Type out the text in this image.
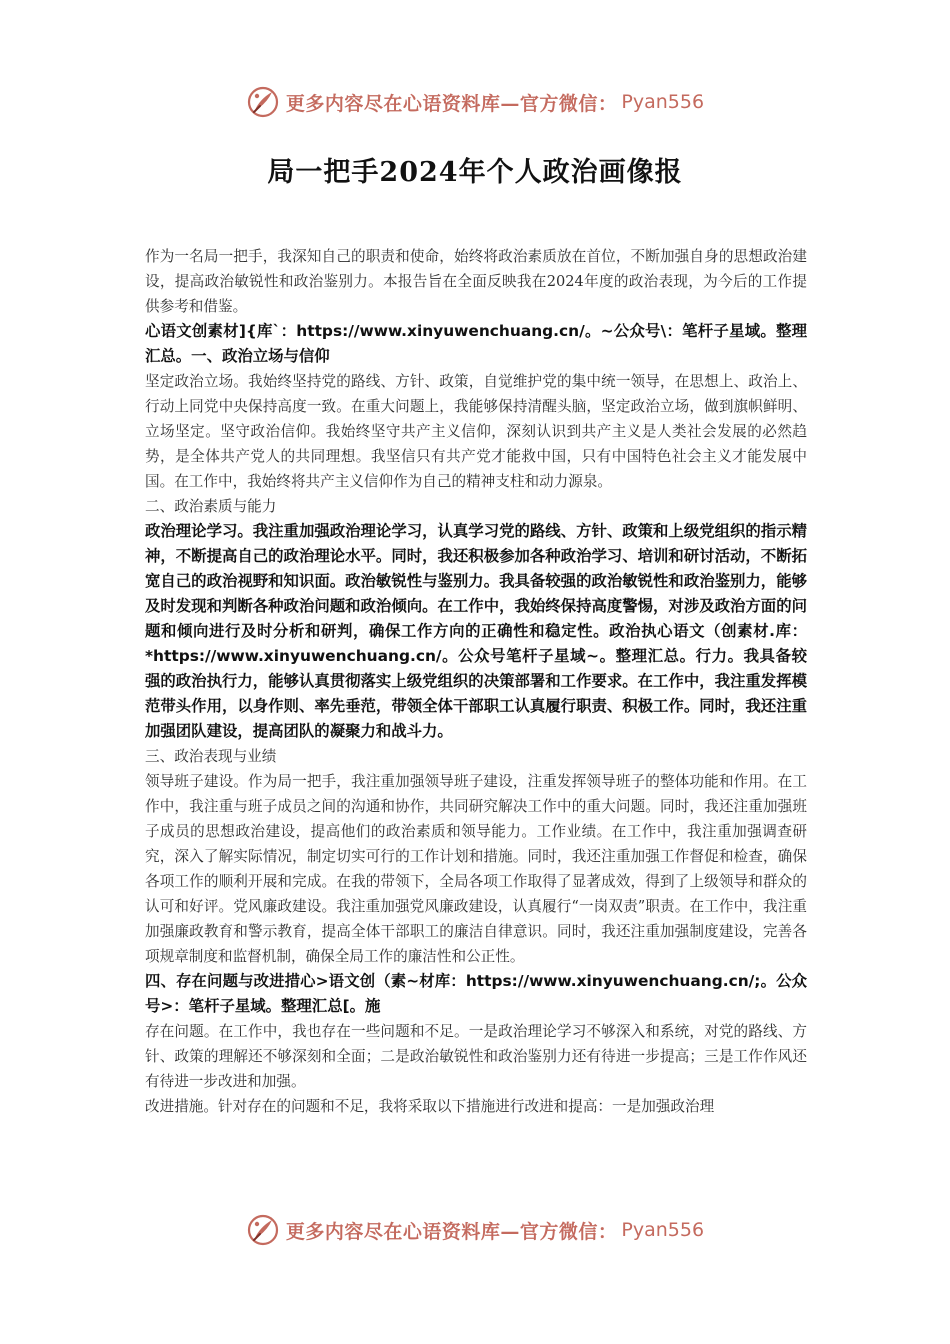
更多内容尽在心语资料库—官方微信： Pyan556
局一把手2024年个人政治画像报

作为一名局一把手，我深知自己的职责和使命，始终将政治素质放在首位，不断加强自身的思想政治建设，提高政治敏锐性和政治鉴别力。本报告旨在全面反映我在2024年度的政治表现，为今后的工作提供参考和借鉴。

心语文创素材]{库`：https://www.xinyuwenchuang.cn/。~公众号\：笔杆子星域。整理汇总。一、政治立场与信仰

坚定政治立场。我始终坚持党的路线、方针、政策，自觉维护党的集中统一领导，在思想上、政治上、行动上同党中央保持高度一致。在重大问题上，我能够保持清醒头脑，坚定政治立场，做到旗帜鲜明、立场坚定。坚守政治信仰。我始终坚守共产主义信仰，深刻认识到共产主义是人类社会发展的必然趋势，是全体共产党人的共同理想。我坚信只有共产党才能救中国，只有中国特色社会主义才能发展中国。在工作中，我始终将共产主义信仰作为自己的精神支柱和动力源泉。

二、政治素质与能力

政治理论学习。我注重加强政治理论学习，认真学习党的路线、方针、政策和上级党组织的指示精神，不断提高自己的政治理论水平。同时，我还积极参加各种政治学习、培训和研讨活动，不断拓宽自己的政治视野和知识面。政治敏锐性与鉴别力。我具备较强的政治敏锐性和政治鉴别力，能够及时发现和判断各种政治问题和政治倾向。在工作中，我始终保持高度警惕，对涉及政治方面的问题和倾向进行及时分析和研判，确保工作方向的正确性和稳定性。政治执心语文（创素材.库：*https://www.xinyuwenchuang.cn/。公众号笔杆子星域~。整理汇总。行力。我具备较强的政治执行力，能够认真贯彻落实上级党组织的决策部署和工作要求。在工作中，我注重发挥模范带头作用，以身作则、率先垂范，带领全体干部职工认真履行职责、积极工作。同时，我还注重加强团队建设，提高团队的凝聚力和战斗力。

三、政治表现与业绩

领导班子建设。作为局一把手，我注重加强领导班子建设，注重发挥领导班子的整体功能和作用。在工作中，我注重与班子成员之间的沟通和协作，共同研究解决工作中的重大问题。同时，我还注重加强班子成员的思想政治建设，提高他们的政治素质和领导能力。工作业绩。在工作中，我注重加强调查研究，深入了解实际情况，制定切实可行的工作计划和措施。同时，我还注重加强工作督促和检查，确保各项工作的顺利开展和完成。在我的带领下，全局各项工作取得了显著成效，得到了上级领导和群众的认可和好评。党风廉政建设。我注重加强党风廉政建设，认真履行“一岗双责”职责。在工作中，我注重加强廉政教育和警示教育，提高全体干部职工的廉洁自律意识。同时，我还注重加强制度建设，完善各项规章制度和监督机制，确保全局工作的廉洁性和公正性。

四、存在问题与改进措心>语文创（素~材库：https://www.xinyuwenchuang.cn/;。公众号>：笔杆子星域。整理汇总[。施

存在问题。在工作中，我也存在一些问题和不足。一是政治理论学习不够深入和系统，对党的路线、方针、政策的理解还不够深刻和全面；二是政治敏锐性和政治鉴别力还有待进一步提高；三是工作作风还有待进一步改进和加强。

改进措施。针对存在的问题和不足，我将采取以下措施进行改进和提高：一是加强政治理

更多内容尽在心语资料库—官方微信： Pyan556
